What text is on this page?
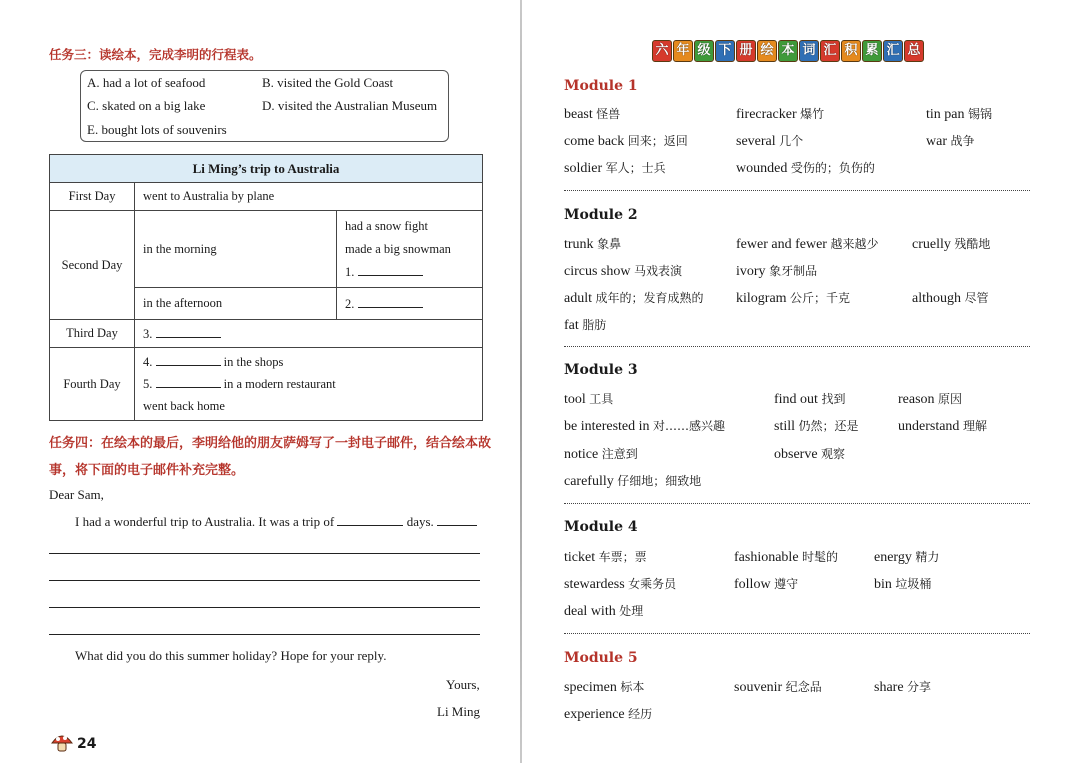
任务三：读绘本，完成李明的行程表。
A. had a lot of seafood	B. visited the Gold Coast
C. skated on a big lake	D. visited the Australian Museum
E. bought lots of souvenirs
Li Ming’s trip to Australia		
First Day	went to Australia by plane	
Second Day	in the morning	had a snow fight
made a big snowman
1.

	in the afternoon	2.
Third Day	3.	
Fourth Day	4. in the shops
5. in a modern restaurant
went back home	
任务四：在绘本的最后，李明给他的朋友萨姆写了一封电子邮件，结合绘本故
事，将下面的电子邮件补充完整。
Dear Sam,
I had a wonderful trip to Australia. It was a trip of	days.
What did you do this summer holiday? Hope for your reply.
Yours,
Li Ming
24
六 年 级 下 册 绘 本 词 汇 积 累 汇 总
Module 1
beast 怪兽	firecracker 爆竹	tin pan 锡锅
come back 回来；返回	several 几个	war 战争
soldier 军人；士兵	wounded 受伤的；负伤的
Module 2
trunk 象鼻	fewer and fewer 越来越少 cruelly 残酷地
circus show 马戏表演	ivory 象牙制品
adult 成年的；发育成熟的 kilogram 公斤；千克	although 尽管
fat 脂肪
Module 3
tool 工具	find out 找到	reason 原因
be interested in 对……感兴趣	still 仍然；还是	understand 理解
notice 注意到	observe 观察
carefully 仔细地；细致地
Module 4
ticket 车票；票	fashionable 时髦的	energy 精力
stewardess 女乘务员	follow 遵守	bin 垃圾桶
deal with 处理
Module 5
specimen 标本	souvenir 纪念品	share 分享
experience 经历
